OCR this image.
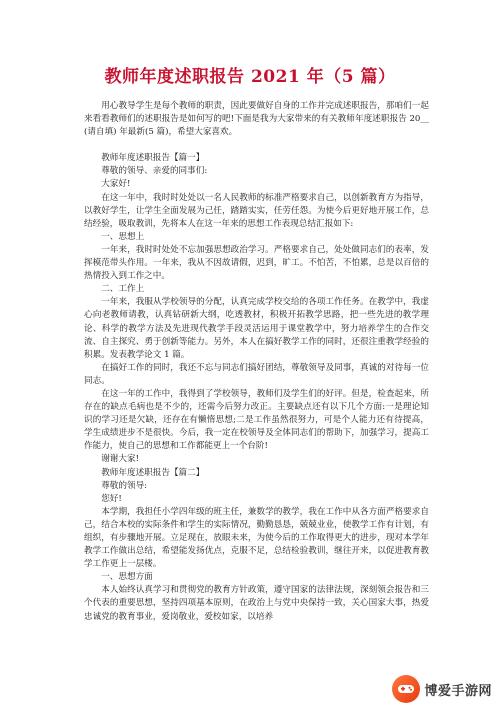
教师年度述职报告 2021 年（5 篇）

用心教导学生是每个教师的职责，因此要做好自身的工作并完成述职报告，那咱们一起来看看教师们的述职报告是如何写的吧!下面是我为大家带来的有关教师年度述职报告 20__(请自填) 年最新(5 篇)，希望大家喜欢。

教师年度述职报告【篇一】

尊敬的领导、亲爱的同事们:

大家好!

在这一年中，我时时处处以一名人民教师的标准严格要求自己，以创新教育方为指导，以教好学生，让学生全面发展为己任，踏踏实实，任劳任怨。为使今后更好地开展工作，总结经验，吸取教训，先将本人在这一年来的思想工作表现总结汇报如下:

一、思想上

一年来，我时时处处不忘加强思想政治学习。严格要求自己，处处做同志们的表率，发挥模范带头作用。一年来，我从不因故请假，迟到，旷工。不怕苦，不怕累，总是以百倍的热情投入到工作之中。

二、工作上

一年来，我服从学校领导的分配，认真完成学校交给的各项工作任务。在教学中，我虚心向老教师请教，认真钻研新大纲，吃透教材，积极开拓教学思路，把一些先进的教学理论、科学的教学方法及先进现代教学手段灵活运用于课堂教学中，努力培养学生的合作交流、自主探究、勇于创新等能力。另外，本人在搞好教学工作的同时，还很注重教学经验的积累。发表教学论文 1 篇。

在搞好工作的同时，我还不忘与同志们搞好团结，尊敬领导及同事，真诚的对待每一位同志。

在这一年的工作中，我得到了学校领导，教师们及学生们的好评。但是，检查起来，所存在的缺点毛病也是不少的，还需今后努力改正。主要缺点还有以下几个方面:一是理论知识的学习还是欠缺，还存在有懒惰思想;二是工作虽然很努力，可是个人能力还有待提高，学生成绩进步不是很快。今后，我一定在校领导及全体同志们的帮助下，加强学习，提高工作能力，使自己的思想和工作都能更上一个台阶!

谢谢大家!

教师年度述职报告【篇二】

尊敬的领导:

您好!

本学期，我担任小学四年级的班主任，兼数学的教学，我在工作中从各方面严格要求自己，结合本校的实际条件和学生的实际情况，勤勤恳恳，兢兢业业，使教学工作有计划，有组织，有步骤地开展。立足现在，放眼未来，为使今后的工作取得更大的进步，现对本学年教学工作做出总结，希望能发扬优点，克服不足，总结检验教训，继往开来，以促进教育教学工作更上一层楼。

一、思想方面

本人始终认真学习和贯彻党的教育方针政策，遵守国家的法律法规，深刻领会报告和三个代表的重要思想，坚持四项基本原则，在政治上与党中央保持一致，关心国家大事，热爱忠诚党的教育事业，爱岗敬业，爱校如家，以培养

博爱手游网
